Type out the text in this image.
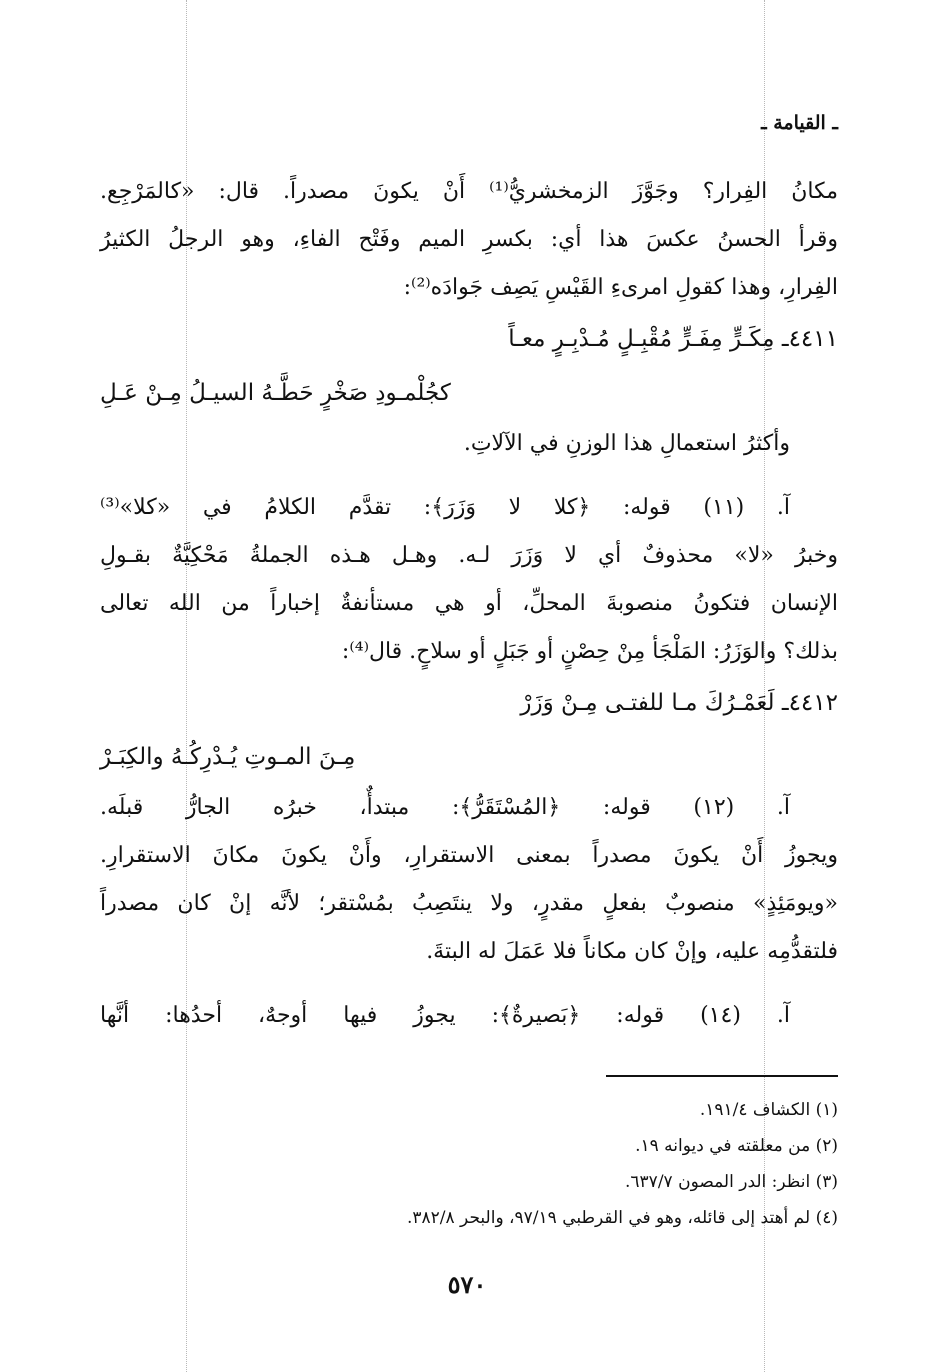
ـ القيامة ـ
مكانُ الفِرار؟ وجَوَّزَ الزمخشريُّ⁽¹⁾ أَنْ يكونَ مصدراً. قال: «كالمَرْجِع.
وقرأ الحسنُ عكسَ هذا أي: بكسرِ الميم وفَتْح الفاءِ، وهو الرجلُ الكثيرُ
الفِرارِ، وهذا كقولِ امرىءِ القَيْسِ يَصِف جَوادَه⁽²⁾:
٤٤١١ـ مِكَـرٍّ مِفَـرٍّ مُقْبِـلٍ مُـدْبِـرٍ معـاً
كجُلْمـودِ صَخْرٍ حَطَّـهُ السيـلُ مِـنْ عَـلِ
وأكثرُ استعمالِ هذا الوزنِ في الآلاتِ.
آ. (١١) قوله: ﴿كلا لا وَزَرَ﴾: تقدَّم الكلامُ في «كلا»⁽³⁾
وخبرُ «لا» محذوفٌ أي لا وَزَرَ لـه. وهـل هـذه الجملةُ مَحْكِيَّةٌ بقـولِ
الإنسان فتكونُ منصوبةَ المحلِّ، أو هي مستأنفةٌ إخباراً من الله تعالى
بذلك؟ والوَزَرُ: المَلْجَأ مِنْ حِصْنٍ أو جَبَلٍ أو سلاحٍ. قال⁽⁴⁾:
٤٤١٢ـ لَعَمْـرُكَ مـا للفتـى مِـنْ وَزَرْ
مِـنَ المـوتِ يُـدْرِكُـهُ والكِبَـرْ
آ. (١٢) قوله: ﴿المُسْتَقَرُّ﴾: مبتدأٌ، خبرُه الجارُّ قبلَه.
ويجوزُ أَنْ يكونَ مصدراً بمعنى الاستقرارِ، وأَنْ يكونَ مكانَ الاستقرارِ.
«ويومَئِذٍ» منصوبٌ بفعلٍ مقدرٍ، ولا ينتَصِبُ بمُسْتقر؛ لأنَّه إنْ كان مصدراً
فلتقدُّمِه عليه، وإنْ كان مكاناً فلا عَمَلَ له البتةَ.
آ. (١٤) قوله: ﴿بَصيرةٌ﴾: يجوزُ فيها أوجهٌ، أحدُها: أنَّها
(١) الكشاف ١٩١/٤.
(٢) من معلقته في ديوانه ١٩.
(٣) انظر: الدر المصون ٦٣٧/٧.
(٤) لم أهتد إلى قائله، وهو في القرطبي ٩٧/١٩، والبحر ٣٨٢/٨.
٥٧٠
